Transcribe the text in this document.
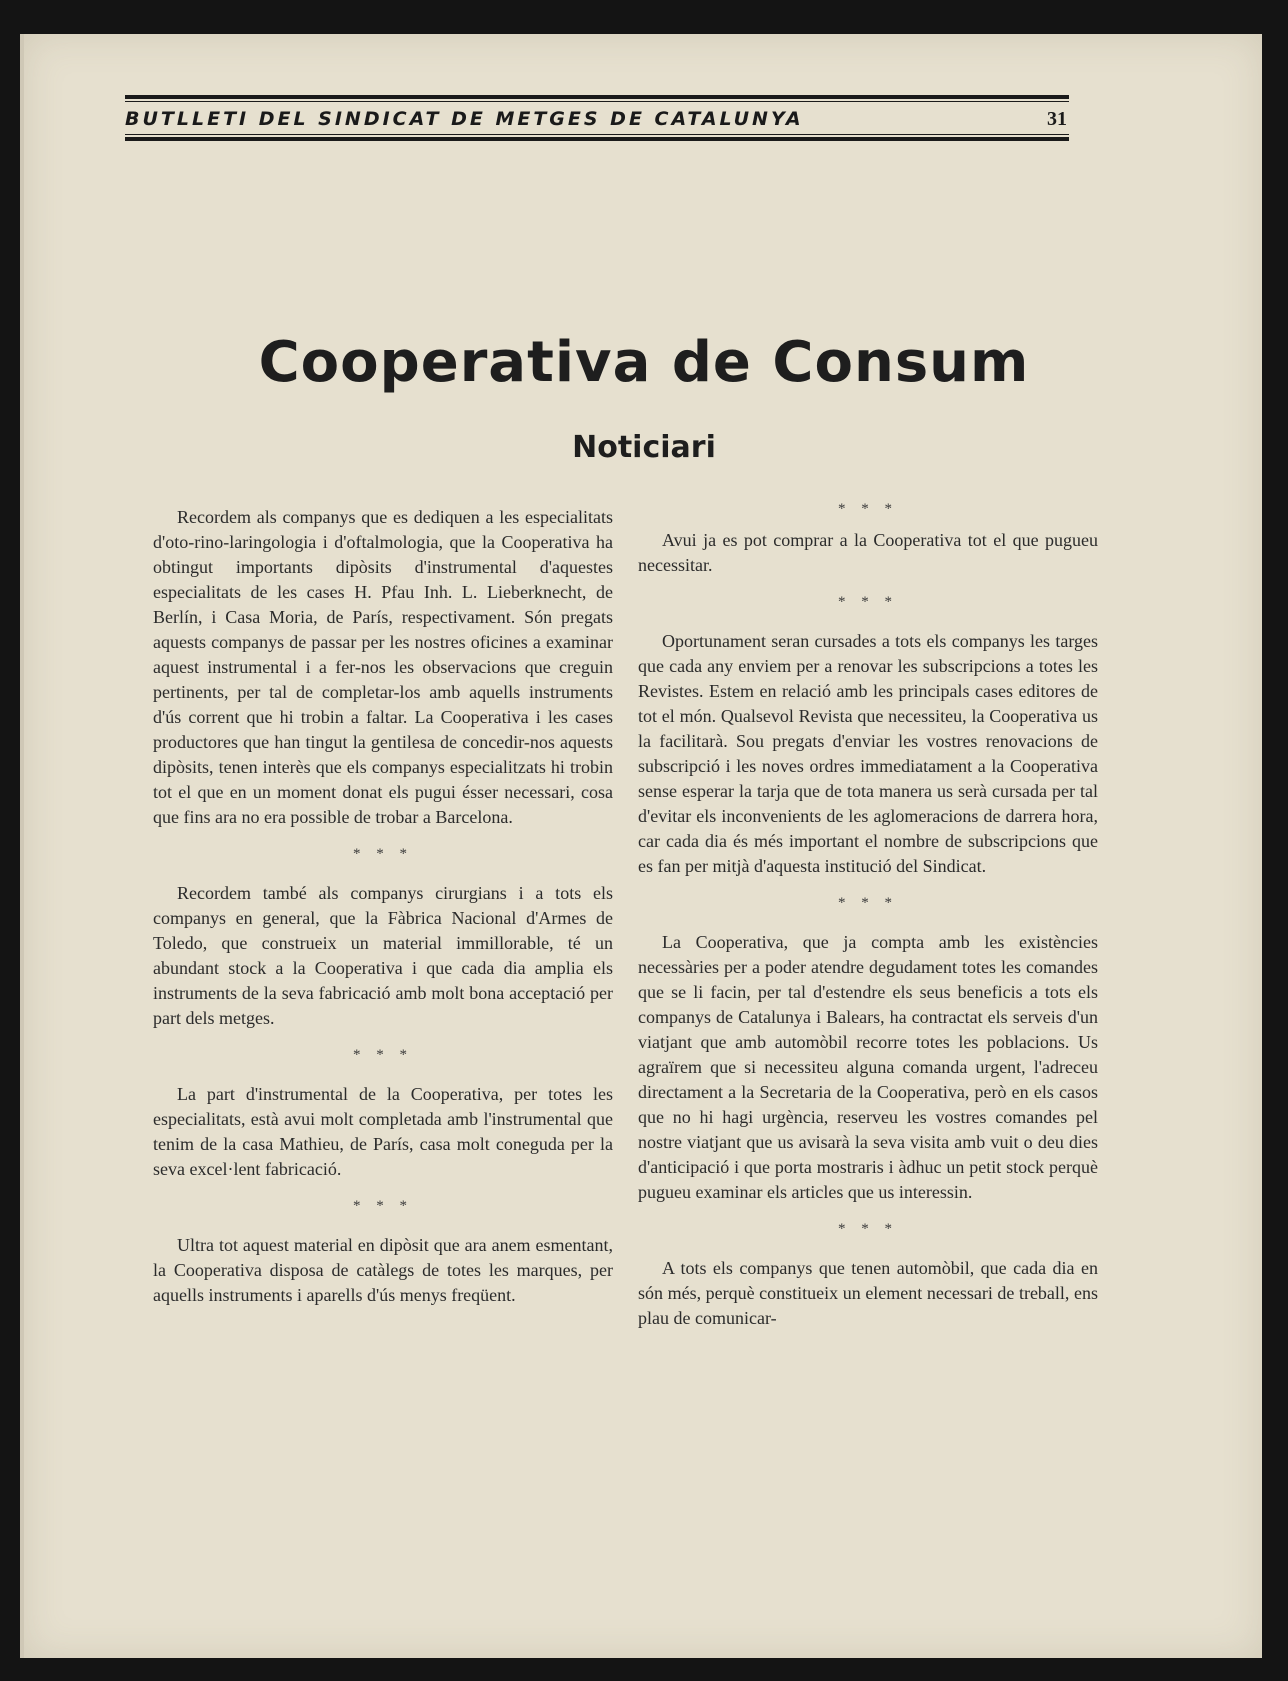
BUTLLETI DEL SINDICAT DE METGES DE CATALUNYA	31
Cooperativa de Consum
Noticiari

Recordem als companys que es dediquen a les especialitats d'oto-rino-laringologia i d'oftalmologia, que la Cooperativa ha obtingut importants dipòsits d'instrumental d'aquestes especialitats de les cases H. Pfau Inh. L. Lieberknecht, de Berlín, i Casa Moria, de París, respectivament. Són pregats aquests companys de passar per les nostres oficines a examinar aquest instrumental i a fer-nos les observacions que creguin pertinents, per tal de completar-los amb aquells instruments d'ús corrent que hi trobin a faltar. La Cooperativa i les cases productores que han tingut la gentilesa de concedir-nos aquests dipòsits, tenen interès que els companys especialitzats hi trobin tot el que en un moment donat els pugui ésser necessari, cosa que fins ara no era possible de trobar a Barcelona.

* * *

Recordem també als companys cirurgians i a tots els companys en general, que la Fàbrica Nacional d'Armes de Toledo, que construeix un material immillorable, té un abundant stock a la Cooperativa i que cada dia amplia els instruments de la seva fabricació amb molt bona acceptació per part dels metges.

* * *

La part d'instrumental de la Cooperativa, per totes les especialitats, està avui molt completada amb l'instrumental que tenim de la casa Mathieu, de París, casa molt coneguda per la seva excel·lent fabricació.

* * *

Ultra tot aquest material en dipòsit que ara anem esmentant, la Cooperativa disposa de catàlegs de totes les marques, per aquells instruments i aparells d'ús menys freqüent.

* * *

Avui ja es pot comprar a la Cooperativa tot el que pugueu necessitar.

* * *

Oportunament seran cursades a tots els companys les targes que cada any enviem per a renovar les subscripcions a totes les Revistes. Estem en relació amb les principals cases editores de tot el món. Qualsevol Revista que necessiteu, la Cooperativa us la facilitarà. Sou pregats d'enviar les vostres renovacions de subscripció i les noves ordres immediatament a la Cooperativa sense esperar la tarja que de tota manera us serà cursada per tal d'evitar els inconvenients de les aglomeracions de darrera hora, car cada dia és més important el nombre de subscripcions que es fan per mitjà d'aquesta institució del Sindicat.

* * *

La Cooperativa, que ja compta amb les existències necessàries per a poder atendre degudament totes les comandes que se li facin, per tal d'estendre els seus beneficis a tots els companys de Catalunya i Balears, ha contractat els serveis d'un viatjant que amb automòbil recorre totes les poblacions. Us agraïrem que si necessiteu alguna comanda urgent, l'adreceu directament a la Secretaria de la Cooperativa, però en els casos que no hi hagi urgència, reserveu les vostres comandes pel nostre viatjant que us avisarà la seva visita amb vuit o deu dies d'anticipació i que porta mostraris i àdhuc un petit stock perquè pugueu examinar els articles que us interessin.

* * *

A tots els companys que tenen automòbil, que cada dia en són més, perquè constitueix un element necessari de treball, ens plau de comunicar-
